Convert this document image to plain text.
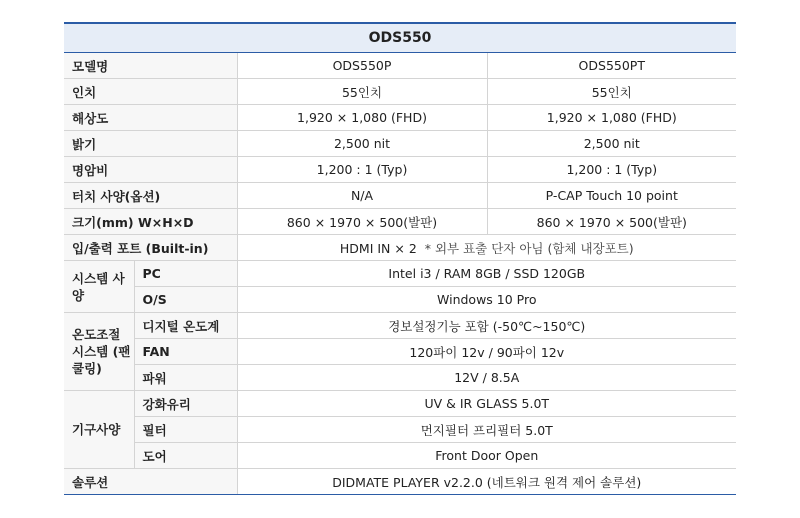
ODS550			
모델명		ODS550P	ODS550PT
인치		55인치	55인치
해상도		1,920 × 1,080 (FHD)	1,920 × 1,080 (FHD)
밝기		2,500 nit	2,500 nit
명암비		1,200 : 1 (Typ)	1,200 : 1 (Typ)
터치 사양(옵션)		N/A	P-CAP Touch 10 point
크기(mm) W×H×D		860 × 1970 × 500(발판)	860 × 1970 × 500(발판)
입/출력 포트 (Built-in)		HDMI IN × 2 * 외부 표출 단자 아님 (함체 내장포트)	
시스템 사양	PC	Intel i3 / RAM 8GB / SSD 120GB	
	O/S	Windows 10 Pro	
온도조절 시스템 (팬 쿨링)	디지털 온도계	경보설정기능 포함 (-50℃~150℃)	
	FAN	120파이 12v / 90파이 12v	
	파워	12V / 8.5A	
기구사양	강화유리	UV & IR GLASS 5.0T	
	필터	먼지필터 프리필터 5.0T	
	도어	Front Door Open	
솔루션		DIDMATE PLAYER v2.2.0 (네트워크 원격 제어 솔루션)	
